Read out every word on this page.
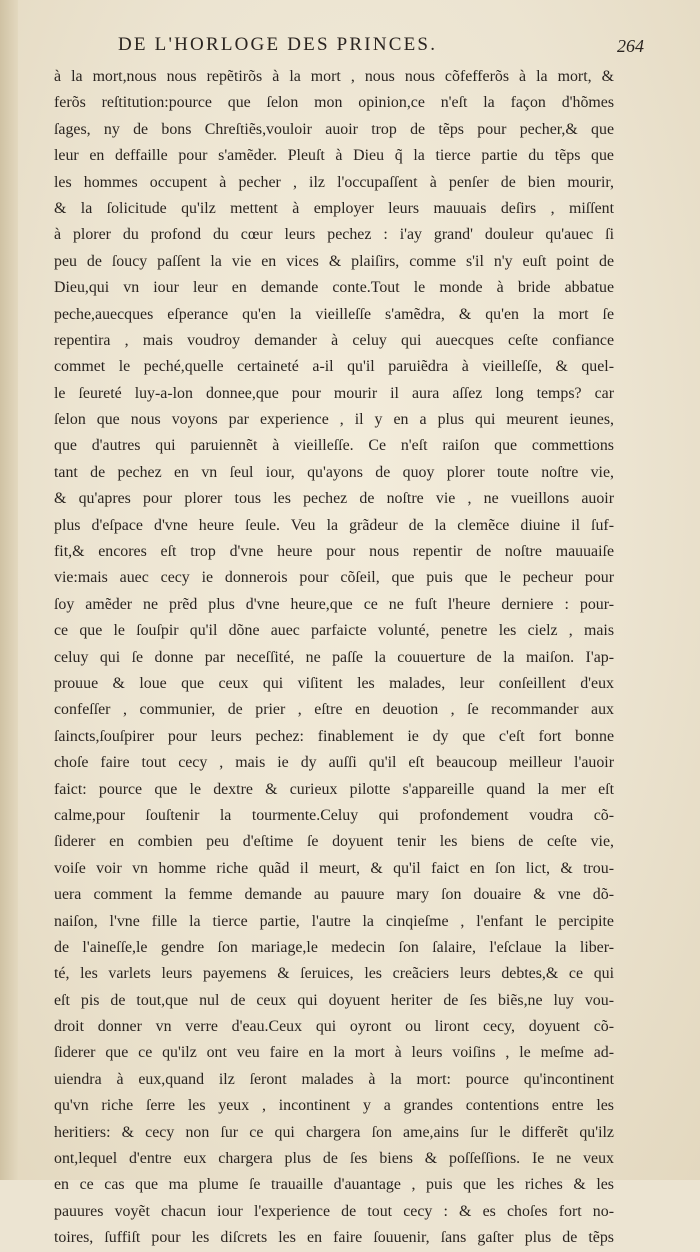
DE L'HORLOGE DES PRINCES.	264
à la mort,nous nous repẽtirõs à la mort , nous nous cõfefferõs à la mort, &
ferõs reſtitution:pource que ſelon mon opinion,ce n'eſt la façon d'hõmes
ſages, ny de bons Chreſtiẽs,vouloir auoir trop de tẽps pour pecher,& que
leur en deffaille pour s'amẽder. Pleuſt à Dieu q̃ la tierce partie du tẽps que
les hommes occupent à pecher , ilz l'occupaſſent à penſer de bien mourir,
& la ſolicitude qu'ilz mettent à employer leurs mauuais deſirs , miſſent
à plorer du profond du cœur leurs pechez : i'ay grand' douleur qu'auec ſi
peu de ſoucy paſſent la vie en vices & plaiſirs, comme s'il n'y euſt point de
Dieu,qui vn iour leur en demande conte.Tout le monde à bride abbatue
peche,auecques eſperance qu'en la vieilleſſe s'amẽdra, & qu'en la mort ſe
repentira , mais voudroy demander à celuy qui auecques ceſte confiance
commet le peché,quelle certaineté a-il qu'il paruiẽdra à vieilleſſe, & quel-
le ſeureté luy-a-lon donnee,que pour mourir il aura aſſez long temps? car
ſelon que nous voyons par experience , il y en a plus qui meurent ieunes,
que d'autres qui paruiennẽt à vieilleſſe. Ce n'eſt raiſon que commettions
tant de pechez en vn ſeul iour, qu'ayons de quoy plorer toute noſtre vie,
& qu'apres pour plorer tous les pechez de noſtre vie , ne vueillons auoir
plus d'eſpace d'vne heure ſeule. Veu la grãdeur de la clemẽce diuine il ſuf-
fit,& encores eſt trop d'vne heure pour nous repentir de noſtre mauuaiſe
vie:mais auec cecy ie donnerois pour cõſeil, que puis que le pecheur pour
ſoy amẽder ne prẽd plus d'vne heure,que ce ne fuſt l'heure derniere : pour-
ce que le ſouſpir qu'il dõne auec parfaicte volunté, penetre les cielz , mais
celuy qui ſe donne par neceſſité, ne paſſe la couuerture de la maiſon. I'ap-
prouue & loue que ceux qui viſitent les malades, leur conſeillent d'eux
confeſſer , communier, de prier , eſtre en deuotion , ſe recommander aux
ſaincts,ſouſpirer pour leurs pechez: finablement ie dy que c'eſt fort bonne
choſe faire tout cecy , mais ie dy auſſi qu'il eſt beaucoup meilleur l'auoir
faict: pource que le dextre & curieux pilotte s'appareille quand la mer eſt
calme,pour ſouſtenir la tourmente.Celuy qui profondement voudra cõ-
ſiderer en combien peu d'eſtime ſe doyuent tenir les biens de ceſte vie,
voiſe voir vn homme riche quãd il meurt, & qu'il faict en ſon lict, & trou-
uera comment la femme demande au pauure mary ſon douaire & vne dõ-
naiſon, l'vne fille la tierce partie, l'autre la cinqieſme , l'enfant le percipite
de l'aineſſe,le gendre ſon mariage,le medecin ſon ſalaire, l'eſclaue la liber-
té, les varlets leurs payemens & ſeruices, les creãciers leurs debtes,& ce qui
eſt pis de tout,que nul de ceux qui doyuent heriter de ſes biẽs,ne luy vou-
droit donner vn verre d'eau.Ceux qui oyront ou liront cecy, doyuent cõ-
ſiderer que ce qu'ilz ont veu faire en la mort à leurs voiſins , le meſme ad-
uiendra à eux,quand ilz ſeront malades à la mort: pource qu'incontinent
qu'vn riche ſerre les yeux , incontinent y a grandes contentions entre les
heritiers: & cecy non ſur ce qui chargera ſon ame,ains ſur le differẽt qu'ilz
ont,lequel d'entre eux chargera plus de ſes biens & poſſeſſions. Ie ne veux
en ce cas que ma plume ſe trauaille d'auantage , puis que les riches & les
pauures voyẽt chacun iour l'experience de tout cecy : & es choſes fort no-
toires, ſuffiſt pour les diſcrets les en faire ſouuenir, ſans gaſter plus de tẽps
